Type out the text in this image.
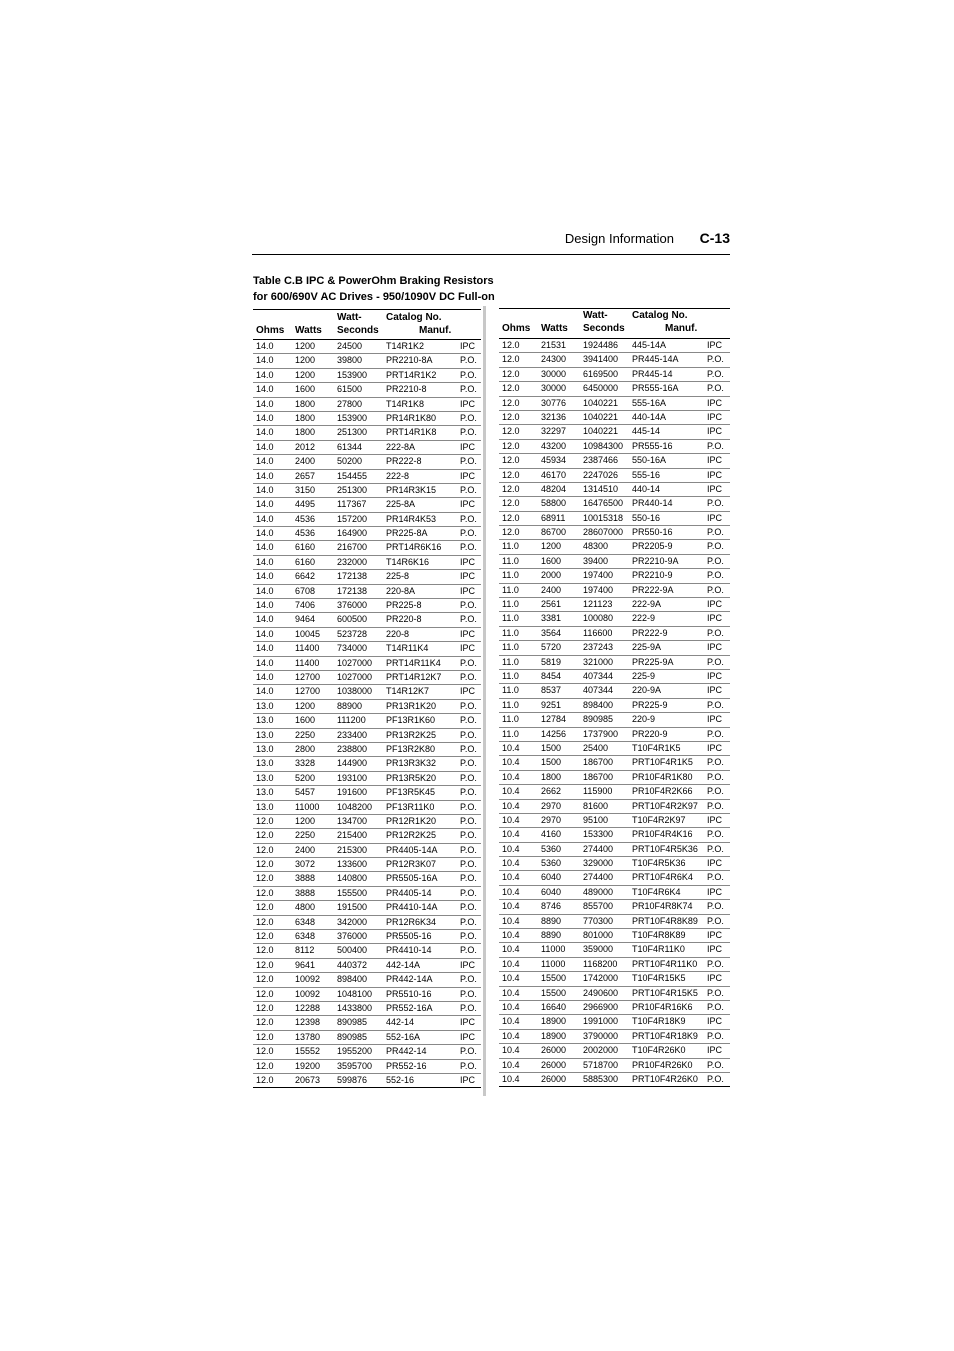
Design Information C-13
Table C.B IPC & PowerOhm Braking Resistors
for 600/690V AC Drives - 950/1090V DC Full-on
Ohms Watts
Watt-
Seconds
Catalog No.
Manuf.
14.0 1200 24500	T14R1K2	IPC
14.0 1200 39800	PR2210-8A	P.O.
14.0 1200 153900 PRT14R1K2	P.O.
14.0 1600 61500	PR2210-8	P.O.
14.0 1800 27800	T14R1K8	IPC
14.0 1800 153900 PR14R1K80	P.O.
14.0 1800 251300 PRT14R1K8	P.O.
14.0 2012 61344	222-8A	IPC
14.0 2400 50200	PR222-8	P.O.
14.0 2657 154455 222-8	IPC
14.0 3150 251300 PR14R3K15	P.O.
14.0 4495 117367 225-8A	IPC
14.0 4536 157200 PR14R4K53	P.O.
14.0 4536 164900 PR225-8A	P.O.
14.0 6160 216700 PRT14R6K16 P.O.
14.0 6160 232000 T14R6K16	IPC
14.0 6642 172138 225-8	IPC
14.0 6708 172138 220-8A	IPC
14.0 7406 376000 PR225-8	P.O.
14.0 9464 600500 PR220-8	P.O.
14.0 10045 523728 220-8	IPC
14.0 11400 734000 T14R11K4	IPC
14.0 11400 1027000 PRT14R11K4 P.O.
14.0 12700 1027000 PRT14R12K7 P.O.
14.0 12700 1038000 T14R12K7	IPC
13.0 1200 88900	PR13R1K20	P.O.
13.0 1600 111200 PF13R1K60	P.O.
13.0 2250 233400 PR13R2K25	P.O.
13.0 2800 238800 PF13R2K80	P.O.
13.0 3328 144900 PR13R3K32	P.O.
13.0 5200 193100 PR13R5K20	P.O.
13.0 5457 191600 PF13R5K45	P.O.
13.0 11000 1048200 PF13R11K0	P.O.
12.0 1200 134700 PR12R1K20	P.O.
12.0 2250 215400 PR12R2K25	P.O.
12.0 2400 215300 PR4405-14A P.O.
12.0 3072 133600 PR12R3K07	P.O.
12.0 3888 140800 PR5505-16A P.O.
12.0 3888 155500 PR4405-14	P.O.
12.0 4800 191500 PR4410-14A P.O.
12.0 6348 342000 PR12R6K34	P.O.
12.0 6348 376000 PR5505-16	P.O.
12.0 8112	500400 PR4410-14	P.O.
12.0 9641 440372 442-14A	IPC
12.0 10092 898400 PR442-14A	P.O.
12.0 10092 1048100 PR5510-16	P.O.
12.0 12288 1433800 PR552-16A	P.O.
12.0 12398 890985 442-14	IPC
12.0 13780 890985 552-16A	IPC
12.0 15552 1955200 PR442-14	P.O.
12.0 19200 3595700 PR552-16	P.O.
12.0 20673 599876 552-16	IPC
Ohms Watts
Watt-
Seconds
Catalog No.
Manuf.
12.0 21531 1924486 445-14A	IPC
12.0 24300 3941400 PR445-14A	P.O.
12.0 30000 6169500 PR445-14	P.O.
12.0 30000 6450000 PR555-16A	P.O.
12.0 30776 1040221 555-16A	IPC
12.0 32136 1040221 440-14A	IPC
12.0 32297 1040221 445-14	IPC
12.0 43200 10984300 PR555-16	P.O.
12.0 45934 2387466 550-16A	IPC
12.0 46170 2247026 555-16	IPC
12.0 48204 1314510 440-14	IPC
12.0 58800 16476500 PR440-14	P.O.
12.0 68911 10015318 550-16	IPC
12.0 86700 28607000 PR550-16	P.O.
11.0 1200 48300	PR2205-9	P.O.
11.0 1600 39400	PR2210-9A	P.O.
11.0 2000 197400 PR2210-9	P.O.
11.0 2400 197400 PR222-9A	P.O.
11.0 2561 121123 222-9A	IPC
11.0 3381 100080 222-9	IPC
11.0 3564 116600 PR222-9	P.O.
11.0 5720 237243 225-9A	IPC
11.0 5819 321000 PR225-9A	P.O.
11.0 8454 407344 225-9	IPC
11.0 8537 407344 220-9A	IPC
11.0 9251 898400 PR225-9	P.O.
11.0 12784 890985 220-9	IPC
11.0 14256 1737900 PR220-9	P.O.
10.4 1500 25400	T10F4R1K5	IPC
10.4 1500 186700 PRT10F4R1K5 P.O.
10.4 1800 186700 PR10F4R1K80 P.O.
10.4 2662 115900 PR10F4R2K66 P.O.
10.4 2970 81600	PRT10F4R2K97 P.O.
10.4 2970 95100	T10F4R2K97 IPC
10.4 4160 153300 PR10F4R4K16 P.O.
10.4 5360 274400 PRT10F4R5K36 P.O.
10.4 5360 329000 T10F4R5K36 IPC
10.4 6040 274400 PRT10F4R6K4 P.O.
10.4 6040 489000 T10F4R6K4	IPC
10.4 8746 855700 PR10F4R8K74 P.O.
10.4 8890 770300 PRT10F4R8K89 P.O.
10.4 8890 801000 T10F4R8K89 IPC
10.4 11000 359000 T10F4R11K0 IPC
10.4 11000 1168200 PRT10F4R11K0 P.O.
10.4 15500 1742000 T10F4R15K5 IPC
10.4 15500 2490600 PRT10F4R15K5 P.O.
10.4 16640 2966900 PR10F4R16K6 P.O.
10.4 18900 1991000 T10F4R18K9 IPC
10.4 18900 3790000 PRT10F4R18K9 P.O.
10.4 26000 2002000 T10F4R26K0 IPC
10.4 26000 5718700 PR10F4R26K0 P.O.
10.4 26000 5885300 PRT10F4R26K0 P.O.
